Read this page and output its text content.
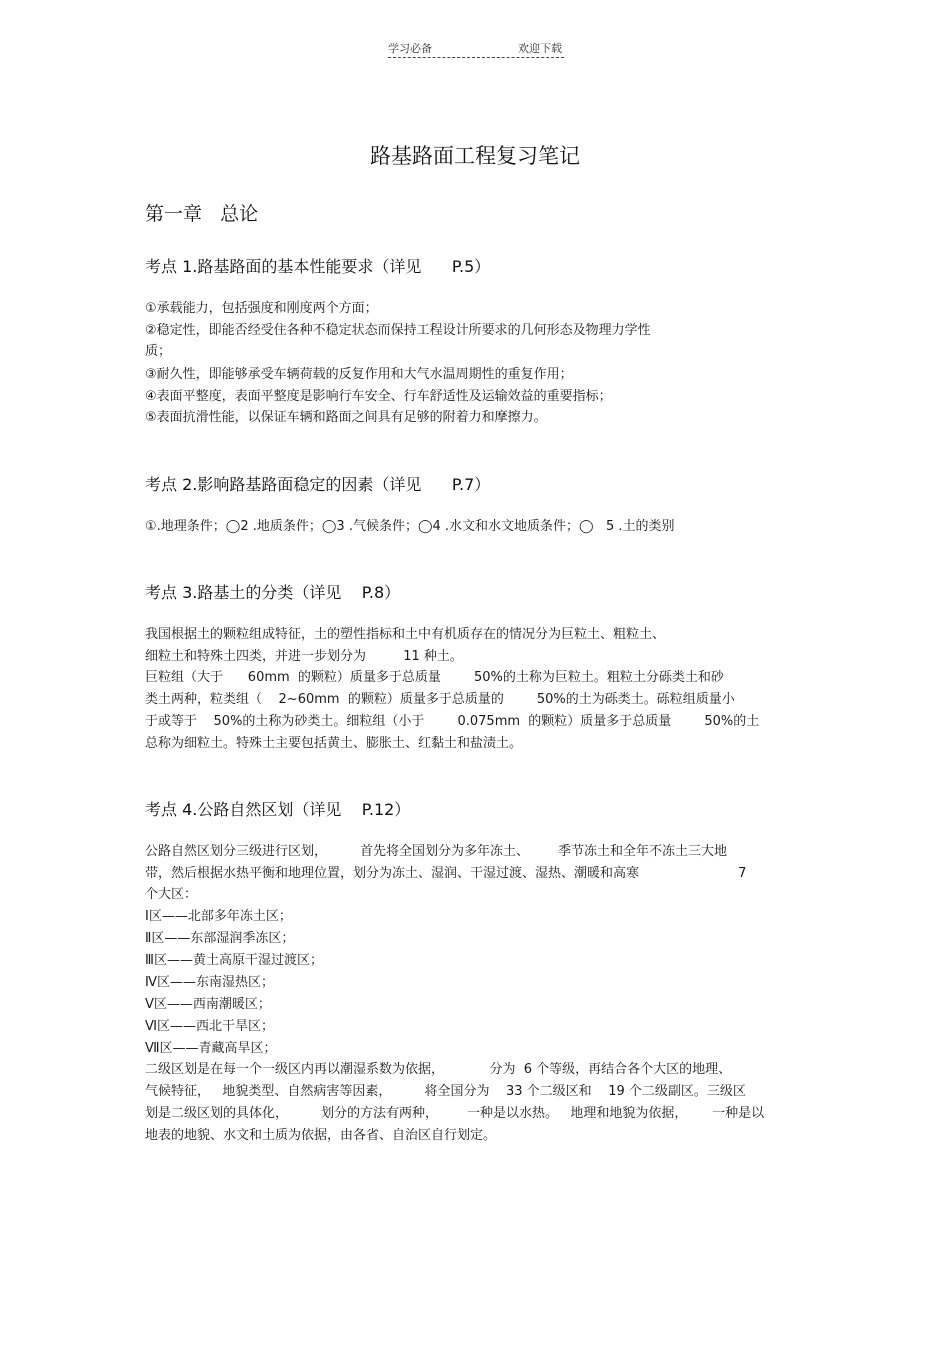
学习必备	欢迎下载
路基路面工程复习笔记
第一章   总论
考点 1.路基路面的基本性能要求（详见      P.5）
①承载能力，包括强度和刚度两个方面；
②稳定性，即能否经受住各种不稳定状态而保持工程设计所要求的几何形态及物理力学性
质；
③耐久性，即能够承受车辆荷载的反复作用和大气水温周期性的重复作用；
④表面平整度，表面平整度是影响行车安全、行车舒适性及运输效益的重要指标；
⑤表面抗滑性能，以保证车辆和路面之间具有足够的附着力和摩擦力。
考点 2.影响路基路面稳定的因素（详见      P.7）
①.地理条件；◯2 .地质条件；◯3 .气候条件；◯4 .水文和水文地质条件；◯   5 .土的类别
考点 3.路基土的分类（详见    P.8）
我国根据土的颗粒组成特征，土的塑性指标和土中有机质存在的情况分为巨粒土、粗粒土、
细粒土和特殊土四类，并进一步划分为         11 种土。
巨粒组（大于      60mm  的颗粒）质量多于总质量        50%的土称为巨粒土。粗粒土分砾类土和砂
类土两种，粒类组（    2~60mm  的颗粒）质量多于总质量的        50%的土为砾类土。砾粒组质量小
于或等于    50%的土称为砂类土。细粒组（小于        0.075mm  的颗粒）质量多于总质量        50%的土
总称为细粒土。特殊土主要包括黄土、膨胀土、红黏土和盐渍土。
考点 4.公路自然区划（详见    P.12）
公路自然区划分三级进行区划，        首先将全国划分为多年冻土、       季节冻土和全年不冻土三大地
带，然后根据水热平衡和地理位置，划分为冻土、湿润、干湿过渡、湿热、潮暖和高寒                        7
个大区：
Ⅰ区——北部多年冻土区；
Ⅱ区——东部湿润季冻区；
Ⅲ区——黄土高原干湿过渡区；
Ⅳ区——东南湿热区；
Ⅴ区——西南潮暖区；
Ⅵ区——西北干旱区；
Ⅶ区——青藏高旱区；
二级区划是在每一个一级区内再以潮湿系数为依据，           分为  6 个等级，再结合各个大区的地理、
气候特征，   地貌类型、自然病害等因素，        将全国分为    33 个二级区和    19 个二级副区。三级区
划是二级区划的具体化，        划分的方法有两种，       一种是以水热。   地理和地貌为依据，      一种是以
地表的地貌、水文和土质为依据，由各省、自治区自行划定。
